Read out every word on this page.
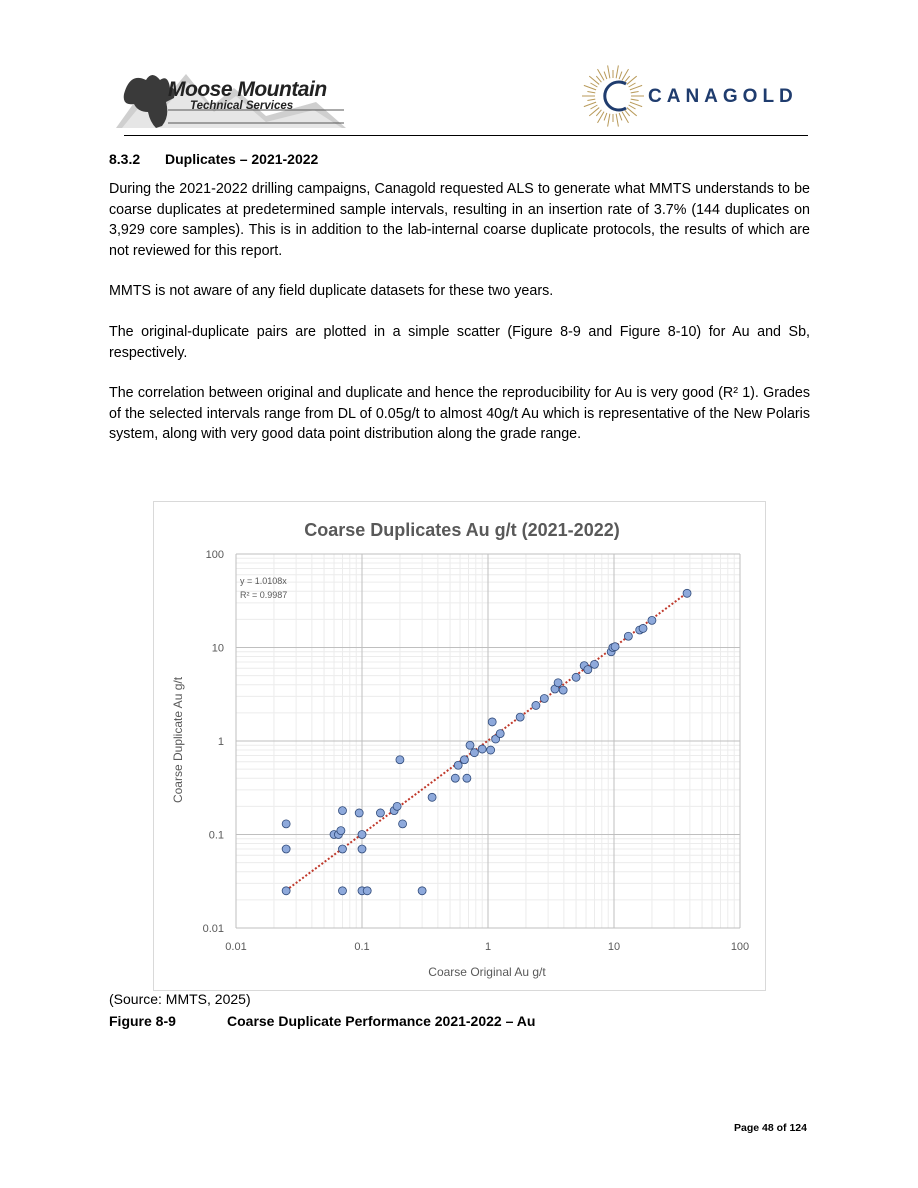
Moose Mountain
Technical Services	CANAGOLD
8.3.2 Duplicates – 2021-2022

During the 2021-2022 drilling campaigns, Canagold requested ALS to generate what MMTS understands to be coarse duplicates at predetermined sample intervals, resulting in an insertion rate of 3.7% (144 duplicates on 3,929 core samples). This is in addition to the lab-internal coarse duplicate protocols, the results of which are not reviewed for this report.

MMTS is not aware of any field duplicate datasets for these two years.

The original-duplicate pairs are plotted in a simple scatter (Figure 8-9 and Figure 8-10) for Au and Sb, respectively.

The correlation between original and duplicate and hence the reproducibility for Au is very good (R² 1). Grades of the selected intervals range from DL of 0.05g/t to almost 40g/t Au which is representative of the New Polaris system, along with very good data point distribution along the grade range.

Coarse Duplicates Au g/t (2021-2022)
Coarse Original Au g/t
Coarse Duplicate Au g/t
y = 1.0108x
R² = 0.9987
0.01	0.1	1	10	100
0.01
0.1
1
10
100
(Source: MMTS, 2025)
Figure 8-9	Coarse Duplicate Performance 2021-2022 – Au
Page 48 of 124
